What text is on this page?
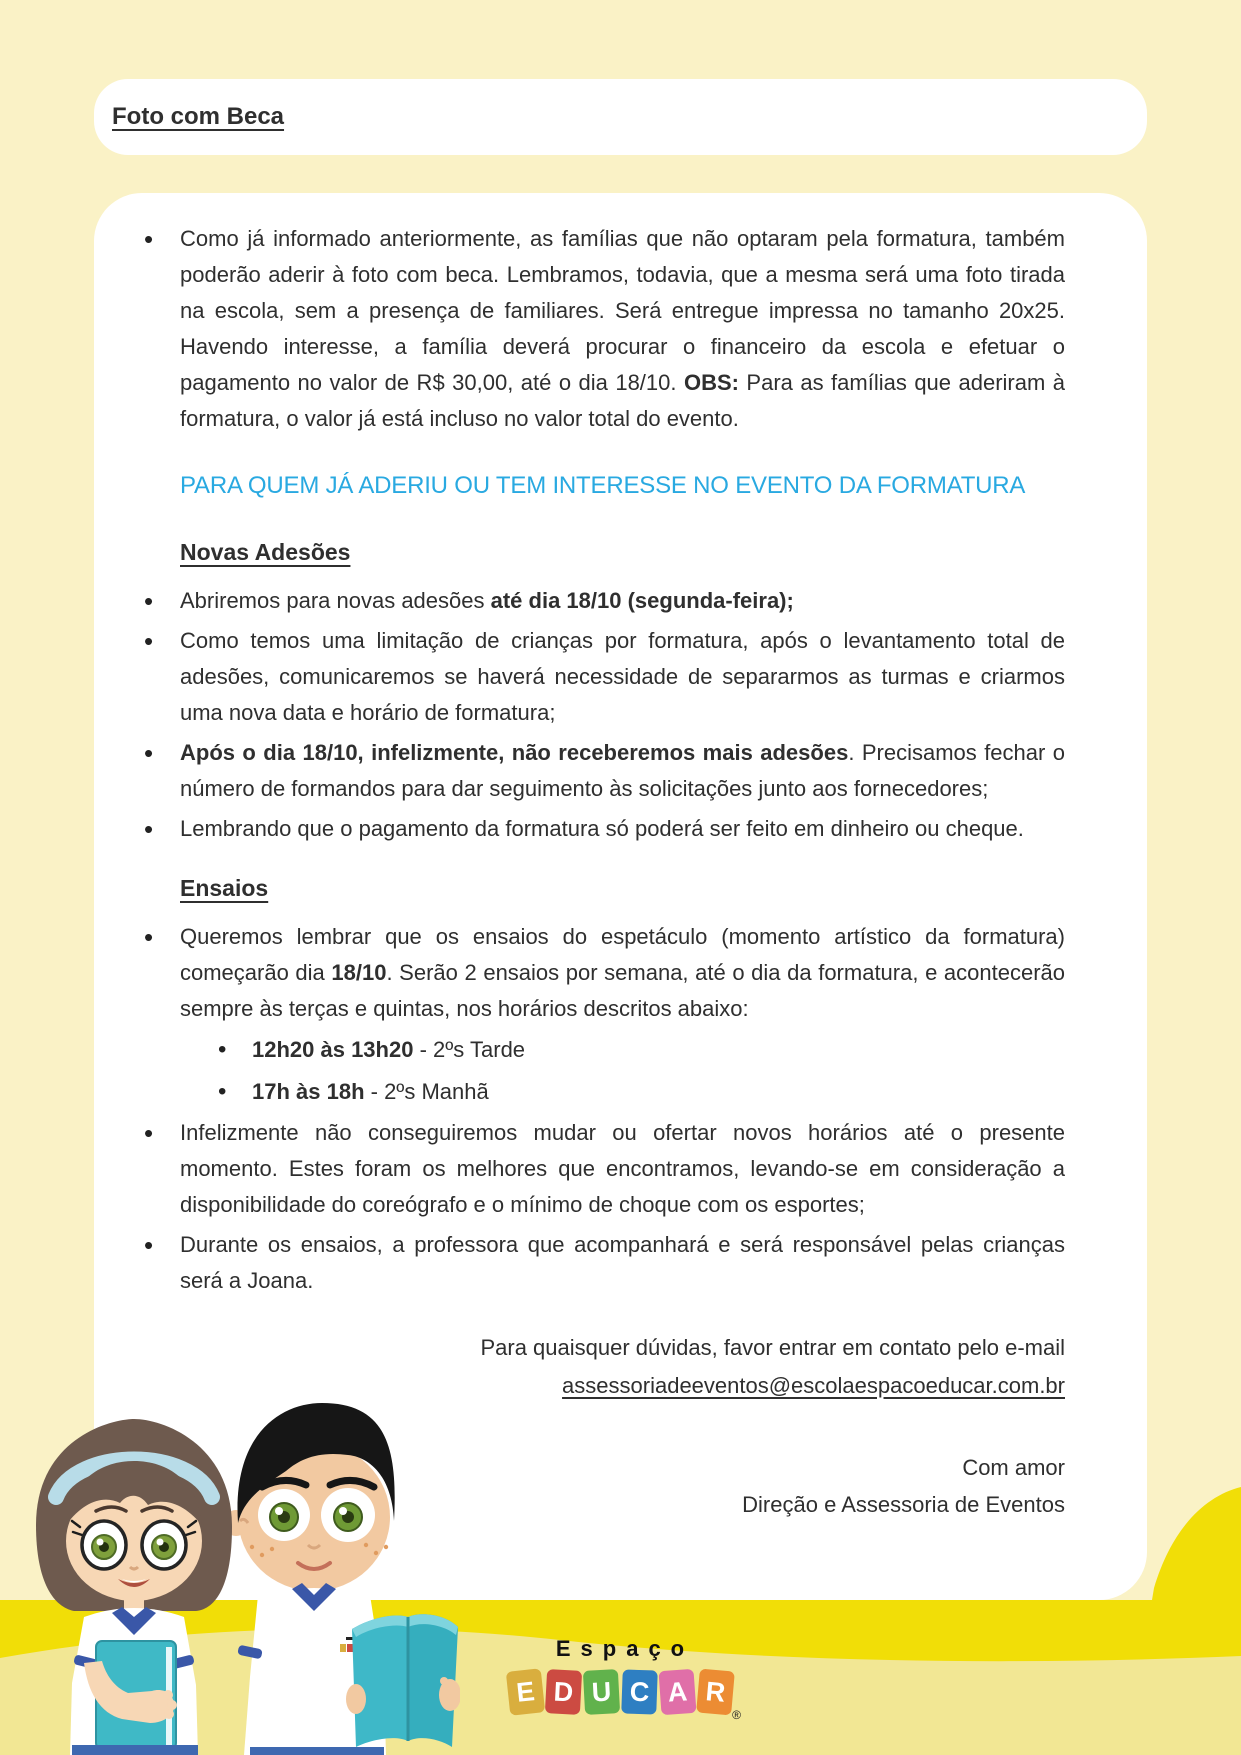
Foto com Beca
• Como já informado anteriormente, as famílias que não optaram pela formatura, também poderão aderir à foto com beca. Lembramos, todavia, que a mesma será uma foto tirada na escola, sem a presença de familiares. Será entregue impressa no tamanho 20x25. Havendo interesse, a família deverá procurar o financeiro da escola e efetuar o pagamento no valor de R$ 30,00, até o dia 18/10. OBS: Para as famílias que aderiram à formatura, o valor já está incluso no valor total do evento.
PARA QUEM JÁ ADERIU OU TEM INTERESSE NO EVENTO DA FORMATURA
Novas Adesões
• Abriremos para novas adesões até dia 18/10 (segunda-feira);
• Como temos uma limitação de crianças por formatura, após o levantamento total de adesões, comunicaremos se haverá necessidade de separarmos as turmas e criarmos uma nova data e horário de formatura;
• Após o dia 18/10, infelizmente, não receberemos mais adesões. Precisamos fechar o número de formandos para dar seguimento às solicitações junto aos fornecedores;
• Lembrando que o pagamento da formatura só poderá ser feito em dinheiro ou cheque.
Ensaios
• Queremos lembrar que os ensaios do espetáculo (momento artístico da formatura) começarão dia 18/10. Serão 2 ensaios por semana, até o dia da formatura, e acontecerão sempre às terças e quintas, nos horários descritos abaixo:
• 12h20 às 13h20 - 2ºs Tarde
• 17h às 18h - 2ºs Manhã
• Infelizmente não conseguiremos mudar ou ofertar novos horários até o presente momento. Estes foram os melhores que encontramos, levando-se em consideração a disponibilidade do coreógrafo e o mínimo de choque com os esportes;
• Durante os ensaios, a professora que acompanhará e será responsável pelas crianças será a Joana.
Para quaisquer dúvidas, favor entrar em contato pelo e-mail
assessoriadeeventos@escolaespacoeducar.com.br
Com amor
Direção e Assessoria de Eventos
Espaço
E D U C A R
®
